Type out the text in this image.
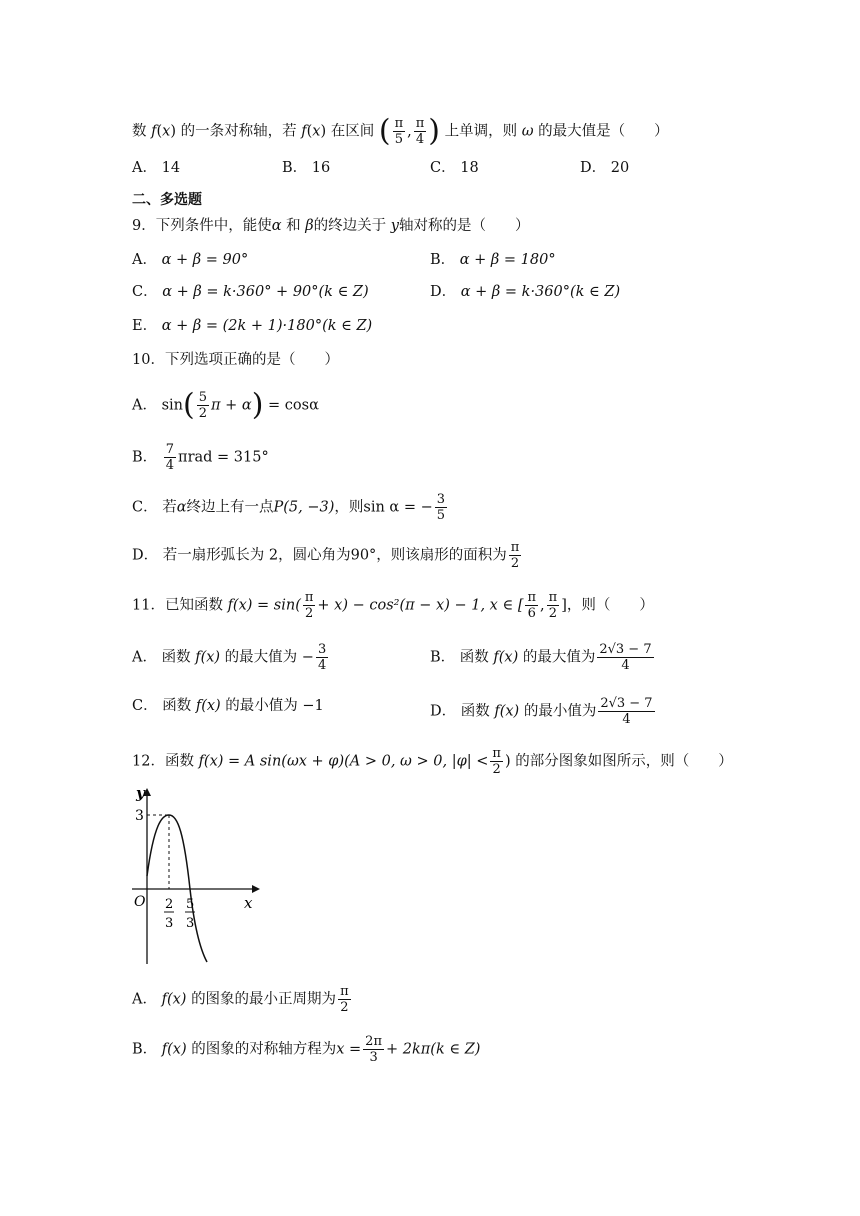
数 f(x) 的一条对称轴，若 f(x) 在区间 ( $\frac{\pi}{5}$ , $\frac{\pi}{4}$ ) 上单调，则 ω 的最大值是（　　）
A． 14	B． 16	C． 18	D． 20
二、多选题
9．下列条件中，能使α 和 β的终边关于 y轴对称的是（　　）
A． α + β = 90°	B． α + β = 180°
C． α + β = k·360° + 90°(k ∈ Z)	D． α + β = k·360°(k ∈ Z)
E． α + β = (2k + 1)·180°(k ∈ Z)
10．下列选项正确的是（　　）
A． $\sin( \frac{5}{2}$ π + α) = cosα
B． $\frac{7}{4}$ πrad = 315°
C． 若α终边上有一点P(5, −3)，则sin α = − $\frac{3}{5}$
D． 若一扇形弧长为 2，圆心角为90°，则该扇形的面积为 $\frac{\pi}{2}$
11．已知函数 $f(x) = \sin( \frac{\pi}{2} + x) - \cos^2(\pi - x) - 1$, x ∈ [ $\frac{\pi}{6}$ , $\frac{\pi}{2}$ ]，则（　　）
A． 函数 f(x) 的最大值为 − $\frac{3}{4}$	B． 函数 f(x) 的最大值为 $\frac{2√3 - 7}{4}$
C． 函数 f(x) 的最小值为 −1	D． 函数 f(x) 的最小值为 $\frac{2√3 - 7}{4}$
12．函数 f(x) = A sin(ωx + φ)(A > 0, ω > 0, $|\varphi| < \frac{\pi}{2}$ ) 的部分图象如图所示，则（　　）
y
x
O
3
2
3
5
3
A． f(x) 的图象的最小正周期为 $\frac{\pi}{2}$
B． f(x) 的图象的对称轴方程为$x = \frac{2\pi}{3} + 2k\pi(k$ ∈ Z)
